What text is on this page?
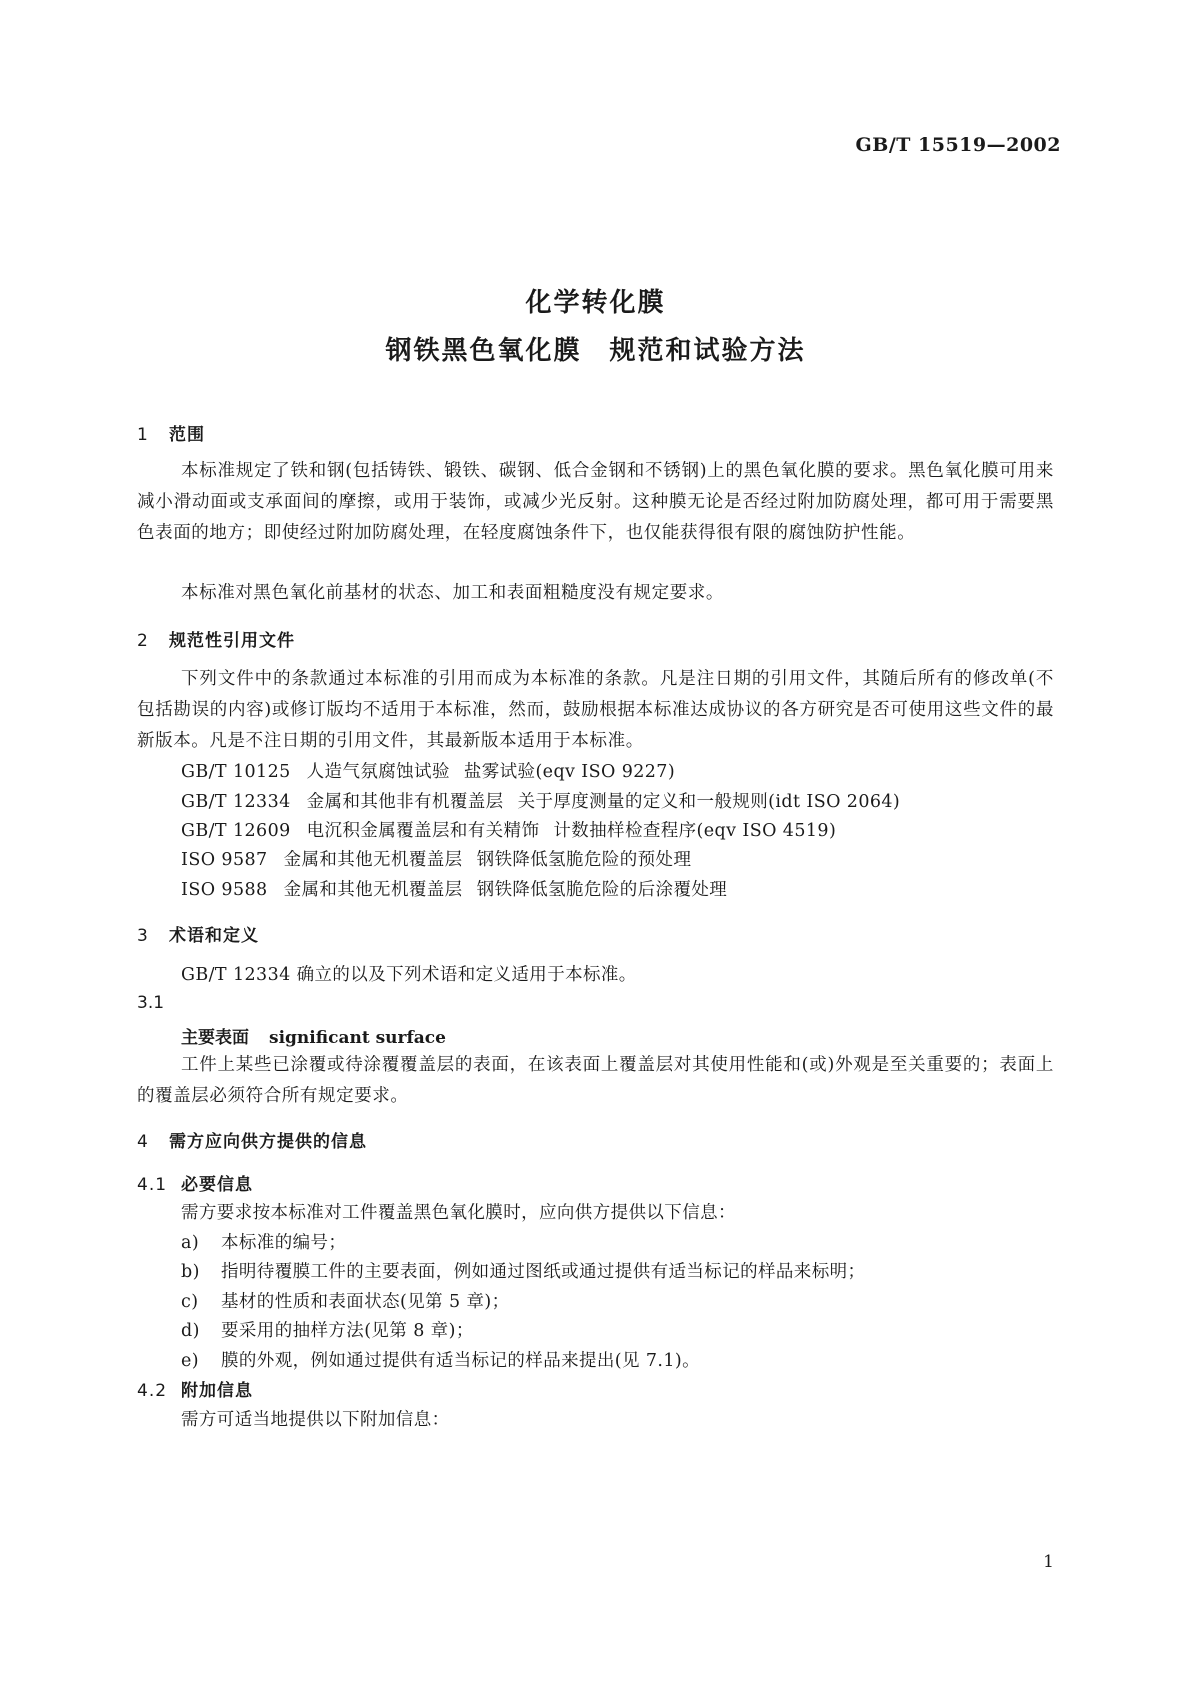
GB/T 15519—2002
化学转化膜
钢铁黑色氧化膜　规范和试验方法
1 范围
本标准规定了铁和钢(包括铸铁、锻铁、碳钢、低合金钢和不锈钢)上的黑色氧化膜的要求。黑色氧化膜可用来减小滑动面或支承面间的摩擦，或用于装饰，或减少光反射。这种膜无论是否经过附加防腐处理，都可用于需要黑色表面的地方；即使经过附加防腐处理，在轻度腐蚀条件下，也仅能获得很有限的腐蚀防护性能。
本标准对黑色氧化前基材的状态、加工和表面粗糙度没有规定要求。
2 规范性引用文件
下列文件中的条款通过本标准的引用而成为本标准的条款。凡是注日期的引用文件，其随后所有的修改单(不包括勘误的内容)或修订版均不适用于本标准，然而，鼓励根据本标准达成协议的各方研究是否可使用这些文件的最新版本。凡是不注日期的引用文件，其最新版本适用于本标准。
GB/T 10125 人造气氛腐蚀试验 盐雾试验(eqv ISO 9227)
GB/T 12334 金属和其他非有机覆盖层 关于厚度测量的定义和一般规则(idt ISO 2064)
GB/T 12609 电沉积金属覆盖层和有关精饰 计数抽样检查程序(eqv ISO 4519)
ISO 9587 金属和其他无机覆盖层 钢铁降低氢脆危险的预处理
ISO 9588 金属和其他无机覆盖层 钢铁降低氢脆危险的后涂覆处理
3 术语和定义
GB/T 12334 确立的以及下列术语和定义适用于本标准。
3.1
主要表面 significant surface
工件上某些已涂覆或待涂覆覆盖层的表面，在该表面上覆盖层对其使用性能和(或)外观是至关重要的；表面上的覆盖层必须符合所有规定要求。
4 需方应向供方提供的信息
4.1 必要信息
需方要求按本标准对工件覆盖黑色氧化膜时，应向供方提供以下信息：
a) 本标准的编号；
b) 指明待覆膜工件的主要表面，例如通过图纸或通过提供有适当标记的样品来标明；
c) 基材的性质和表面状态(见第 5 章)；
d) 要采用的抽样方法(见第 8 章)；
e) 膜的外观，例如通过提供有适当标记的样品来提出(见 7.1)。
4.2 附加信息
需方可适当地提供以下附加信息：
1
